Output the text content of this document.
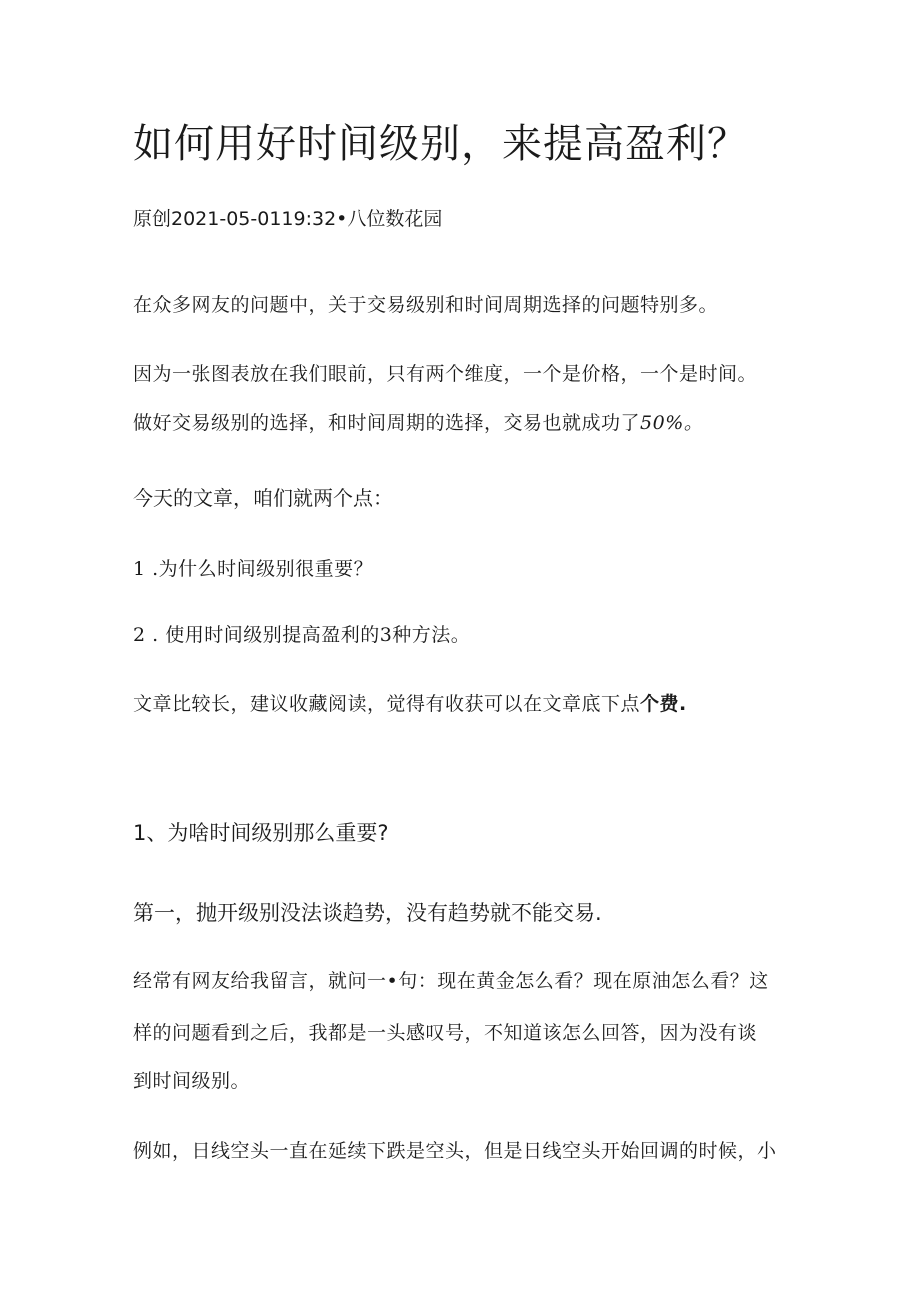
如何用好时间级别，来提高盈利？
原创2021-05-0119:32•八位数花园
在众多网友的问题中，关于交易级别和时间周期选择的问题特别多。
因为一张图表放在我们眼前，只有两个维度，一个是价格，一个是时间。
做好交易级别的选择，和时间周期的选择，交易也就成功了50%。
今天的文章，咱们就两个点：
1 .为什么时间级别很重要？
2 . 使用时间级别提高盈利的3种方法。
文章比较长，建议收藏阅读，觉得有收获可以在文章底下点个费.
1、为啥时间级别那么重要?
第一，抛开级别没法谈趋势，没有趋势就不能交易.
经常有网友给我留言，就问一•句：现在黄金怎么看？现在原油怎么看？这
样的问题看到之后，我都是一头感叹号，不知道该怎么回答，因为没有谈
到时间级别。
例如，日线空头一直在延续下跌是空头，但是日线空头开始回调的时候，小
